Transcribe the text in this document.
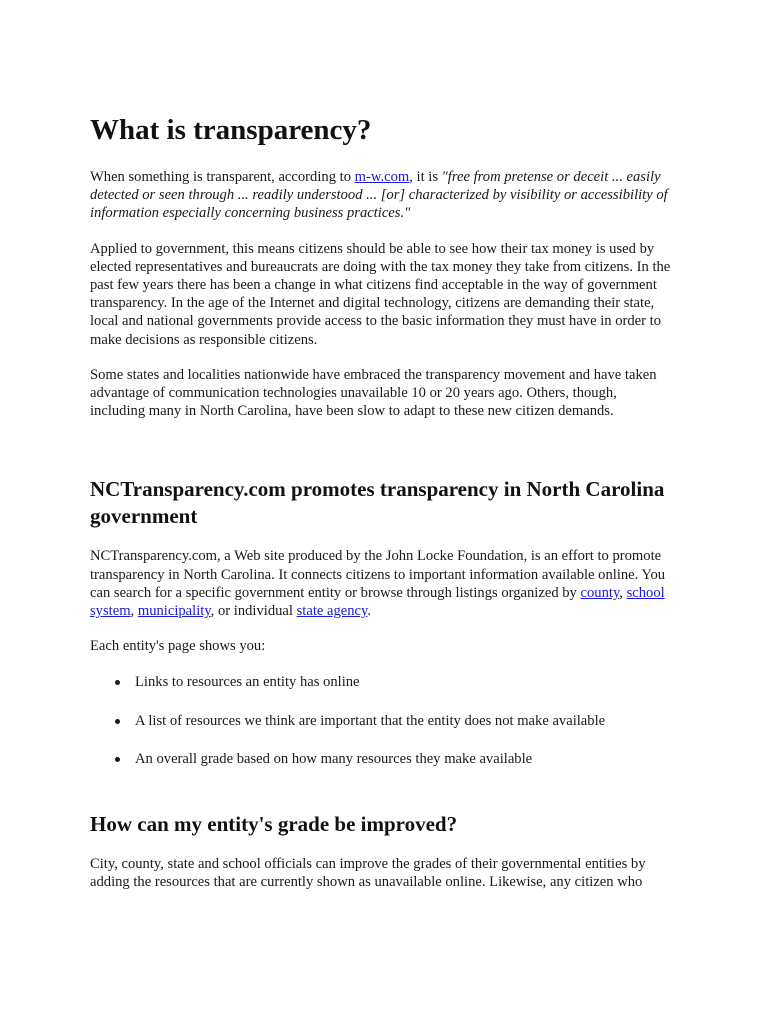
What is transparency?

When something is transparent, according to m-w.com, it is "free from pretense or deceit ... easily detected or seen through ... readily understood ... [or] characterized by visibility or accessibility of information especially concerning business practices."

Applied to government, this means citizens should be able to see how their tax money is used by elected representatives and bureaucrats are doing with the tax money they take from citizens. In the past few years there has been a change in what citizens find acceptable in the way of government transparency. In the age of the Internet and digital technology, citizens are demanding their state, local and national governments provide access to the basic information they must have in order to make decisions as responsible citizens.

Some states and localities nationwide have embraced the transparency movement and have taken advantage of communication technologies unavailable 10 or 20 years ago. Others, though, including many in North Carolina, have been slow to adapt to these new citizen demands.

NCTransparency.com promotes transparency in North Carolina government

NCTransparency.com, a Web site produced by the John Locke Foundation, is an effort to promote transparency in North Carolina. It connects citizens to important information available online. You can search for a specific government entity or browse through listings organized by county, school system, municipality, or individual state agency.

Each entity's page shows you:

Links to resources an entity has online
A list of resources we think are important that the entity does not make available
An overall grade based on how many resources they make available
How can my entity's grade be improved?

City, county, state and school officials can improve the grades of their governmental entities by adding the resources that are currently shown as unavailable online. Likewise, any citizen who
